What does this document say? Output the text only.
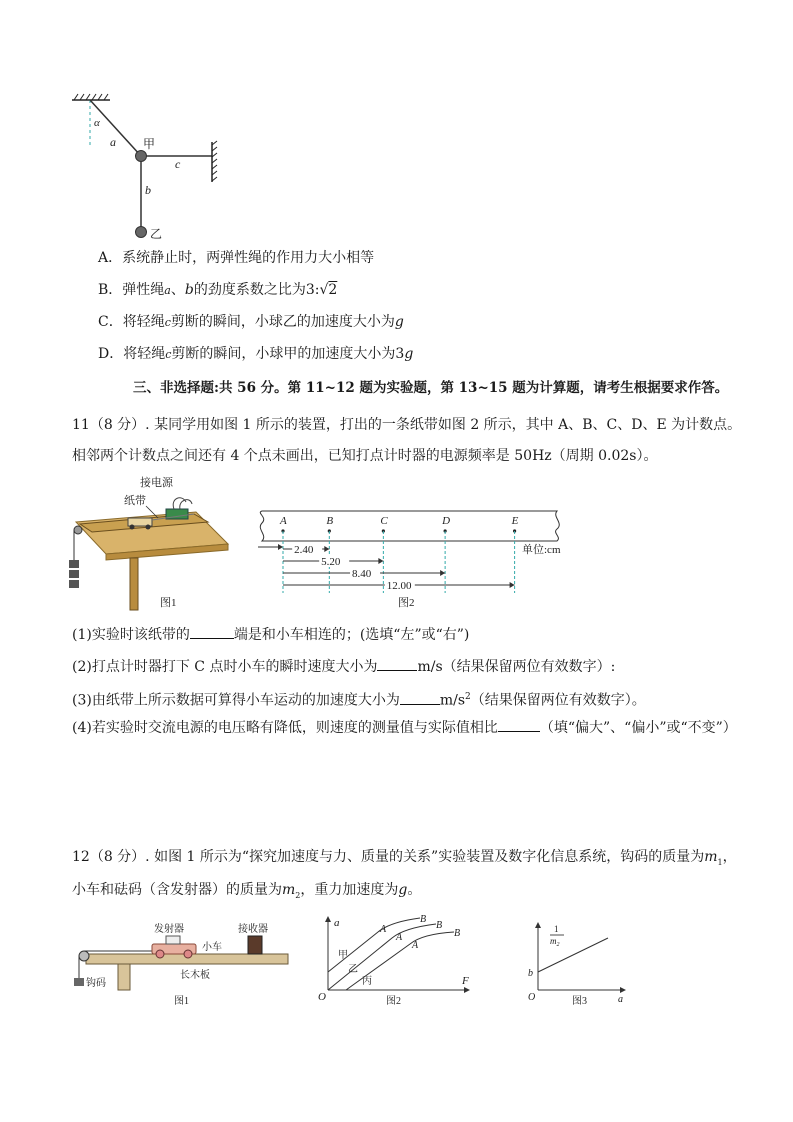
α
a 甲
c
b
乙
A．系统静止时，两弹性绳的作用力大小相等
B．弹性绳a、b的劲度系数之比为3:√2
C．将轻绳c剪断的瞬间，小球乙的加速度大小为g
D．将轻绳c剪断的瞬间，小球甲的加速度大小为3g
三、非选择题:共 56 分。第 11~12 题为实验题，第 13~15 题为计算题，请考生根据要求作答。
11（8 分）. 某同学用如图 1 所示的装置，打出的一条纸带如图 2 所示，其中 A、B、C、D、E 为计数点。
相邻两个计数点之间还有 4 个点未画出，已知打点计时器的电源频率是 50Hz（周期 0.02s）。
接电源
纸带
图1
A	B	C	D	E
2.40
5.20
8.40
12.00
单位:cm
图2
(1)实验时该纸带的	端是和小车相连的；(选填“左”或“右”)
(2)打点计时器打下 C 点时小车的瞬时速度大小为	m/s（结果保留两位有效数字）:
(3)由纸带上所示数据可算得小车运动的加速度大小为	$m/s^2$（结果保留两位有效数字）。
(4)若实验时交流电源的电压略有降低，则速度的测量值与实际值相比	（填“偏大”、“偏小”或“不变”）
12（8 分）. 如图 1 所示为“探究加速度与力、质量的关系”实验装置及数字化信息系统，钩码的质量为$m_1$，
小车和砝码（含发射器）的质量为$m_2$，重力加速度为g。
发射器	接收器
小车
长木板
钩码
图1
a
F
O
甲
乙
丙
A
A
A
B
B
B
图2
1
$m_2$
b
O	a
图3
